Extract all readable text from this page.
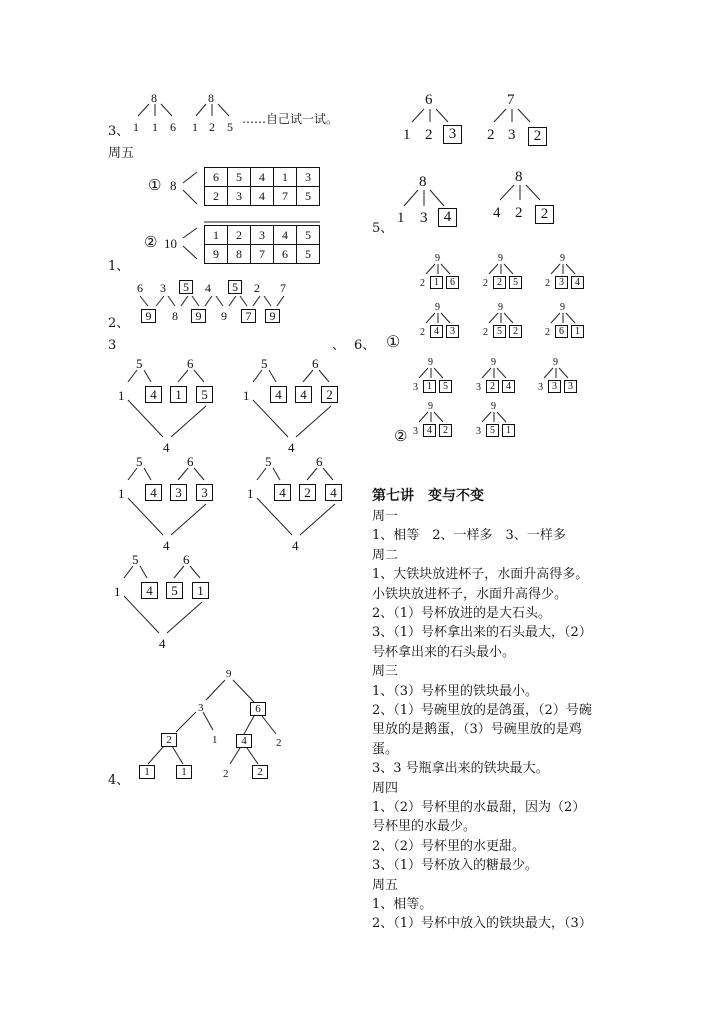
3、
8
1 1 6
8
1 2 5
……自己试一试。
周五
① 8
6	5	4	1	3
2	3	4	7	5
② 10
1	2	3	4	5
9	8	7	6	5
1、
6 3	5	4	5	2 7
9	8	9	9	7	9
2、
3	、
5	6
1	4	1	5
4
5	6
1	4	4	2
4
5	6
1	4	3	3
4
5	6
1	4	2	4
4
5	6
1	4	5	1
4
9
3	6
2	1	4	2
1	1	2	2
4、
6
1 2	3
7
2 3	2
8
1 3	4
8
4 2	2
5、
6、 ①
②
9
2 1	6
9
2 2	5
9
2 3	4
9
2 4	3
9
2 5	2
9
2 6	1
9
3 1	5
9
3 2	4
9
3 3	3
9
3 4	2
9
3 5	1
第七讲　变与不变
周一
1、相等　2、一样多　3、一样多
周二
1、大铁块放进杯子，水面升高得多。
小铁块放进杯子，水面升高得少。
2、（1）号杯放进的是大石头。
3、（1）号杯拿出来的石头最大，（2）
号杯拿出来的石头最小。
周三
1、（3）号杯里的铁块最小。
2、（1）号碗里放的是鸽蛋，（2）号碗
里放的是鹅蛋，（3）号碗里放的是鸡
蛋。
3、3 号瓶拿出来的铁块最大。
周四
1、（2）号杯里的水最甜，因为（2）
号杯里的水最少。
2、（2）号杯里的水更甜。
3、（1）号杯放入的糖最少。
周五
1、相等。
2、（1）号杯中放入的铁块最大，（3）
